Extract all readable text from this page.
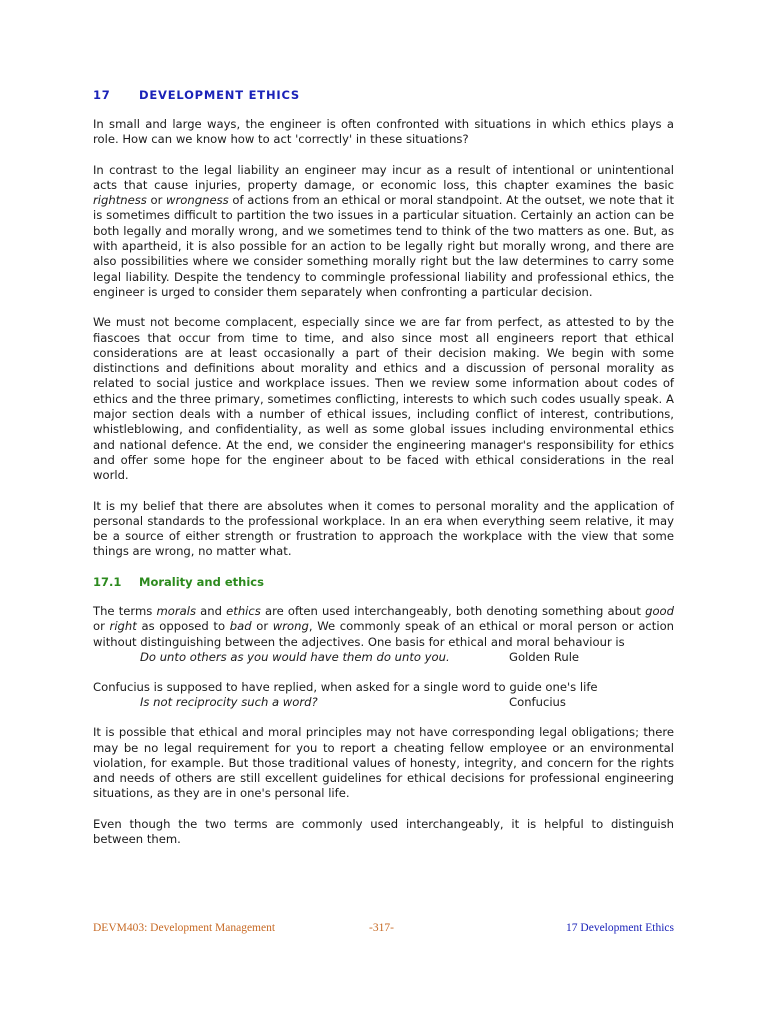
17 DEVELOPMENT ETHICS

In small and large ways, the engineer is often confronted with situations in which ethics plays a role. How can we know how to act 'correctly' in these situations?

In contrast to the legal liability an engineer may incur as a result of intentional or unintentional acts that cause injuries, property damage, or economic loss, this chapter examines the basic rightness or wrongness of actions from an ethical or moral standpoint. At the outset, we note that it is sometimes difficult to partition the two issues in a particular situation. Certainly an action can be both legally and morally wrong, and we sometimes tend to think of the two matters as one. But, as with apartheid, it is also possible for an action to be legally right but morally wrong, and there are also possibilities where we consider something morally right but the law determines to carry some legal liability. Despite the tendency to commingle professional liability and professional ethics, the engineer is urged to consider them separately when confronting a particular decision.

We must not become complacent, especially since we are far from perfect, as attested to by the fiascoes that occur from time to time, and also since most all engineers report that ethical considerations are at least occasionally a part of their decision making. We begin with some distinctions and definitions about morality and ethics and a discussion of personal morality as related to social justice and workplace issues. Then we review some information about codes of ethics and the three primary, sometimes conflicting, interests to which such codes usually speak. A major section deals with a number of ethical issues, including conflict of interest, contributions, whistleblowing, and confidentiality, as well as some global issues including environmental ethics and national defence. At the end, we consider the engineering manager's responsibility for ethics and offer some hope for the engineer about to be faced with ethical considerations in the real world.

It is my belief that there are absolutes when it comes to personal morality and the application of personal standards to the professional workplace. In an era when everything seem relative, it may be a source of either strength or frustration to approach the workplace with the view that some things are wrong, no matter what.

17.1 Morality and ethics

The terms morals and ethics are often used interchangeably, both denoting something about good or right as opposed to bad or wrong, We commonly speak of an ethical or moral person or action without distinguishing between the adjectives. One basis for ethical and moral behaviour is

Do unto others as you would have them do unto you.	Golden Rule

Confucius is supposed to have replied, when asked for a single word to guide one's life

Is not reciprocity such a word?	Confucius

It is possible that ethical and moral principles may not have corresponding legal obligations; there may be no legal requirement for you to report a cheating fellow employee or an environmental violation, for example. But those traditional values of honesty, integrity, and concern for the rights and needs of others are still excellent guidelines for ethical decisions for professional engineering situations, as they are in one's personal life.

Even though the two terms are commonly used interchangeably, it is helpful to distinguish between them.

DEVM403: Development Management	-317-	17 Development Ethics
